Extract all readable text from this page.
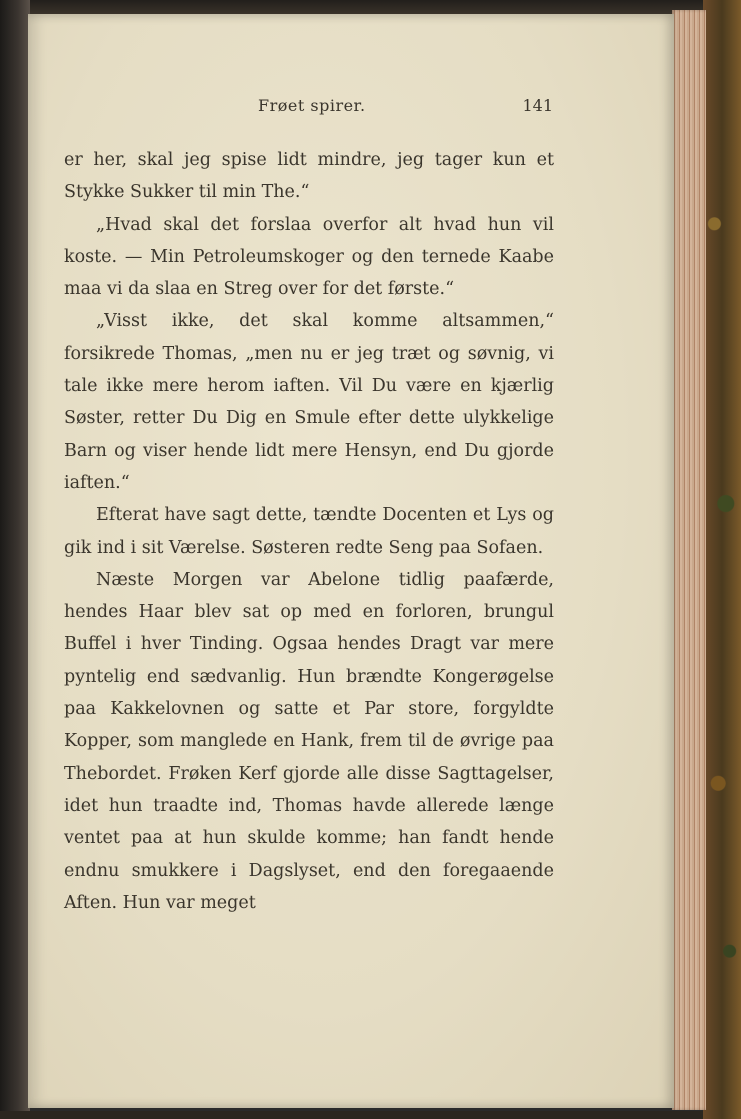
Frøet spirer.	141

er her, skal jeg spise lidt mindre, jeg tager kun et Stykke Sukker til min The.“

„Hvad skal det forslaa overfor alt hvad hun vil koste. — Min Petroleumskoger og den ternede Kaabe maa vi da slaa en Streg over for det første.“

„Visst ikke, det skal komme altsammen,“ forsikrede Thomas, „men nu er jeg træt og søvnig, vi tale ikke mere herom iaften. Vil Du være en kjærlig Søster, retter Du Dig en Smule efter dette ulykkelige Barn og viser hende lidt mere Hensyn, end Du gjorde iaften.“

Efterat have sagt dette, tændte Docenten et Lys og gik ind i sit Værelse. Søsteren redte Seng paa Sofaen.

Næste Morgen var Abelone tidlig paafærde, hendes Haar blev sat op med en forloren, brungul Buffel i hver Tinding. Ogsaa hendes Dragt var mere pyntelig end sædvanlig. Hun brændte Kongerøgelse paa Kakkelovnen og satte et Par store, forgyldte Kopper, som manglede en Hank, frem til de øvrige paa Thebordet. Frøken Kerf gjorde alle disse Sagttagelser, idet hun traadte ind, Thomas havde allerede længe ventet paa at hun skulde komme; han fandt hende endnu smukkere i Dagslyset, end den foregaaende Aften. Hun var meget
